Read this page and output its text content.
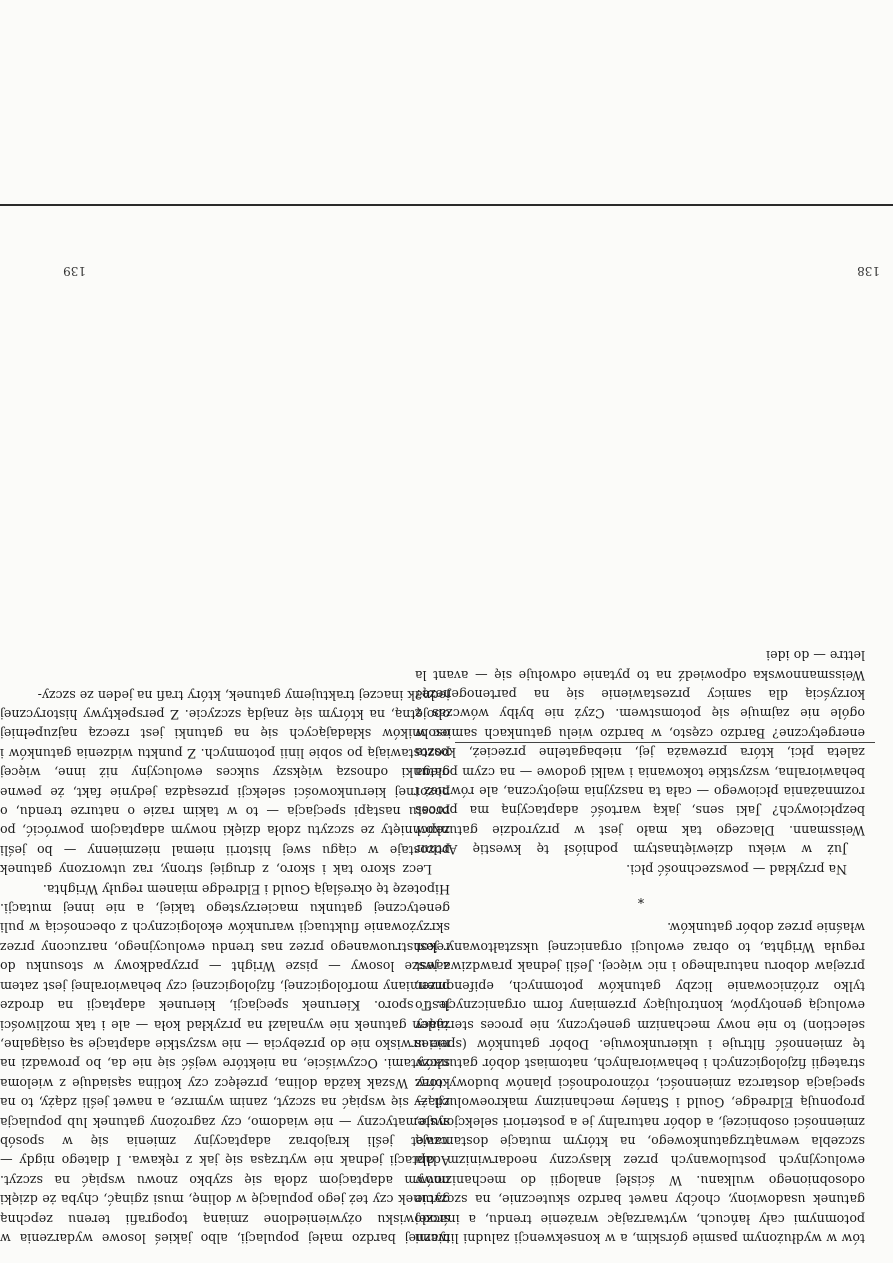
tycznej bardzo małej populacji, albo jakieś losowe wydarzenia w środowisku ożywieniedlone zmianą topografii terenu zepchną gatunek czy też jego populację w dolinę, musi zginąć, chyba że dzięki nowym adaptacjom zdoła się szybko znowu wspiąć na szczyt. Adaptacji jednak nie wytrząsa się jak z rękawa. I dlatego nigdy — nawet jeśli krajobraz adaptacyjny zmienia się w sposób systematyczny — nie wiadomo, czy zagrożony gatunek lub populacja zdąży się wspiąć na szczyt, zanim wymrze, a nawet jeśli zdąży, to na który. Wszak każda dolina, przełęcz czy kotlina sąsiaduje z wieloma szczytami. Oczywiście, na niektóre wejść się nie da, bo prowadzi na nie urwisko nie do przebycia — nie wszystkie adaptacje są osiągalne, żaden gatunek nie wynalazł na przykład koła — ale i tak możliwości jest sporo. Kierunek specjacji, kierunek adaptacji na drodze przemiany morfologicznej, fizjologicznej czy behawioralnej jest zatem zawsze losowy — pisze Wright — przypadkowy w stosunku do rekonstruowanego przez nas trendu ewolucyjnego, narzucony przez skrzyżowanie fluktuacji warunków ekologicznych z obecnością w puli genetycznej gatunku macierzystego takiej, a nie innej mutacji. Hipotezę tę określają Gould i Eldredge mianem reguły Wrighta.

Lecz skoro tak i skoro, z drugiej strony, raz utworzony gatunek pozostaje w ciągu swej historii niemal niezmienny — bo jeśli zepchnięty ze szczytu zdoła dzięki nowym adaptacjom powrócić, po prostu nastąpi specjacja — to w takim razie o naturze trendu, o pozornej kierunkowości selekcji przesądza jedynie fakt, że pewne gatunki odnoszą większy sukces ewolucyjny niż inne, więcej pozostawiają po sobie linii potomnych. Z punktu widzenia gatunków i osobników składających się na gatunki jest rzeczą najzupełniej obojętną, na którym się znajdą szczycie. Z perspektywy historycznej jednak inaczej traktujemy gatunek, który trafi na jeden ze szczy-

139

tów w wydłużonym pasmie górskim, a w konsekwencji zaludni liniami potomnymi cały łańcuch, wytwarzając wrażenie trendu, a inaczej gatunek usadowiony, choćby nawet bardzo skutecznie, na szczycie odosobnionego wulkanu. W ścisłej analogii do mechanizmów ewolucyjnych postulowanych przez klasyczny neodarwinizm dla szczebla wewnątrzgatunkowego, na którym mutacje dostarczają zmienności osobniczej, a dobór naturalny je a posteriori selekcjonuje, proponują Eldredge, Gould i Stanley mechanizmy makroewolucji — specjacja dostarcza zmienności, różnorodności planów budowy oraz strategii fizjologicznych i behawioralnych, natomiast dobór gatunków tę zmienność filtruje i ukierunkowuje. Dobór gatunków (species selection) to nie nowy mechanizm genetyczny, nie proces sterujący ewolucją genotypów, kontrolujący przemiany form organicznych. To tylko zróżnicowanie liczby gatunków potomnych, epifenomen, przejaw doboru naturalnego i nic więcej. Jeśli jednak prawdziwa jest reguła Wrighta, to obraz ewolucji organicznej ukształtowany jest właśnie przez dobór gatunków.

*

Na przykład — powszechność płci.

Już w wieku dziewiętnastym podniósł tę kwestię Arthur Weissmann. Dlaczego tak mało jest w przyrodzie gatunków bezpłciowych? Jaki sens, jaką wartość adaptacyjną ma proces rozmnażania płciowego — cała ta naszyjnia mejotyczna, ale również i behawioralna, wszystkie tokowania i walki godowe — na czym polega zaleta płci, która przeważa jej, niebagatelne przecież, koszta energetyczne? Bardzo często, w bardzo wielu gatunkach samiec w ogóle nie zajmuje się potomstwem. Czyż nie byłby wówczas z korzyścią dla samicy przestawienie się na partenogenezę? Weissmannowska odpowiedź na to pytanie odwołuje się — avant la lettre — do idei

138
